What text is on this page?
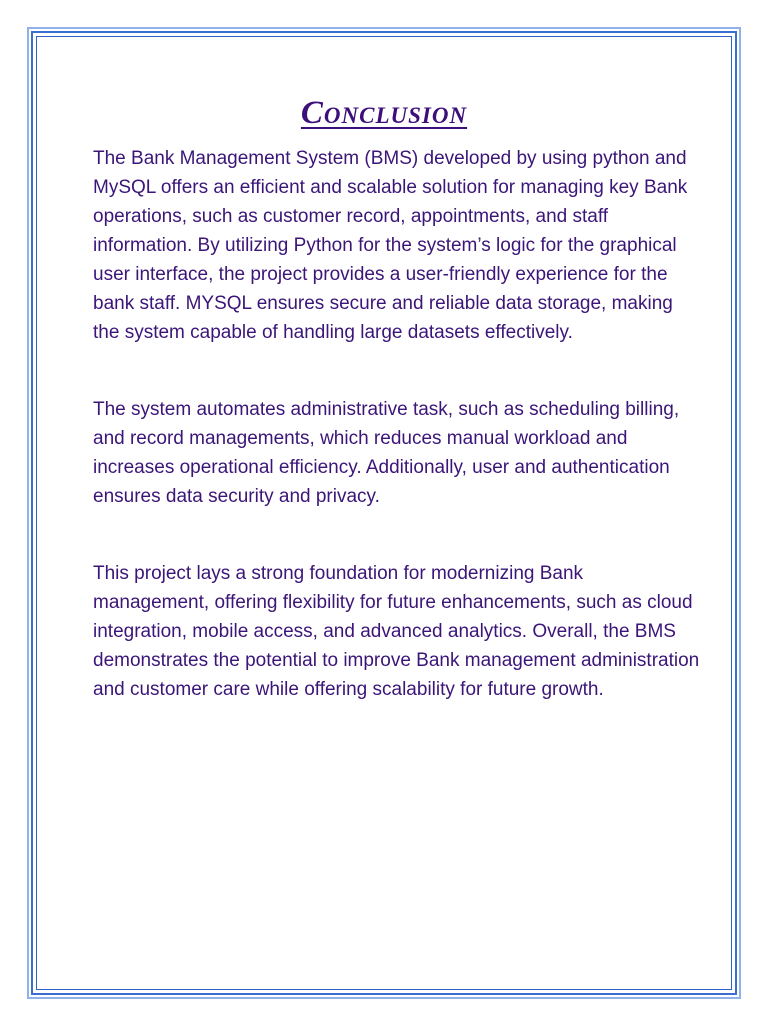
Conclusion

The Bank Management System (BMS) developed by using python and MySQL offers an efficient and scalable solution for managing key Bank operations, such as customer record, appointments, and staff information. By utilizing Python for the system’s logic for the graphical user interface, the project provides a user-friendly experience for the bank staff. MYSQL ensures secure and reliable data storage, making the system capable of handling large datasets effectively.

The system automates administrative task, such as scheduling billing, and record managements, which reduces manual workload and increases operational efficiency. Additionally, user and authentication ensures data security and privacy.

This project lays a strong foundation for modernizing Bank management, offering flexibility for future enhancements, such as cloud integration, mobile access, and advanced analytics. Overall, the BMS demonstrates the potential to improve Bank management administration and customer care while offering scalability for future growth.
